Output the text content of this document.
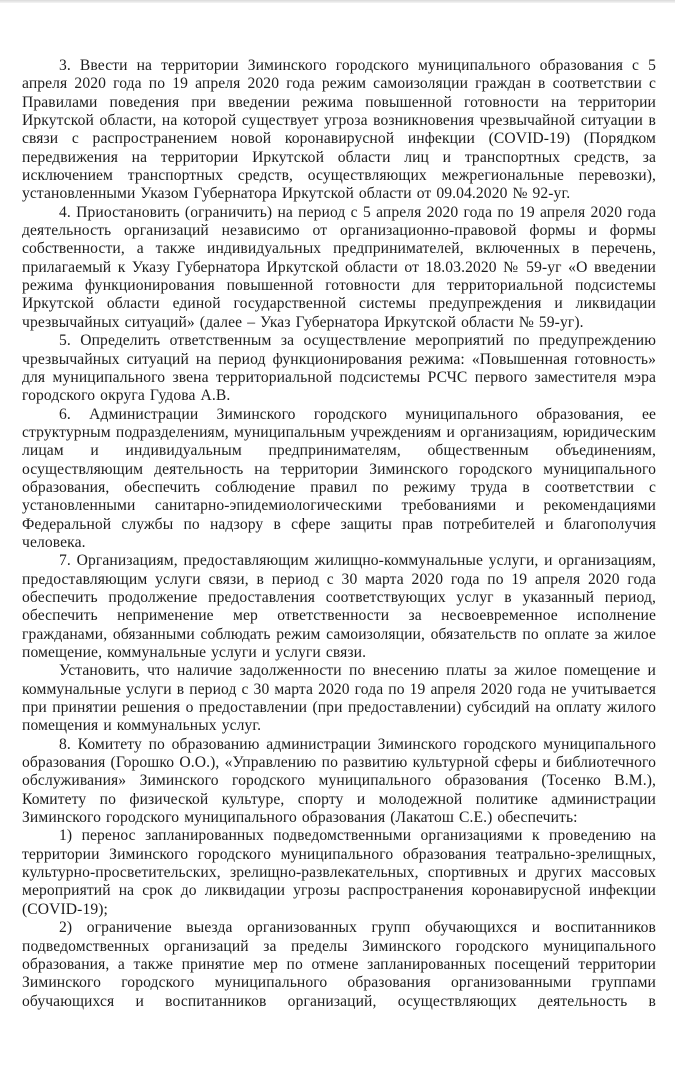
3. Ввести на территории Зиминского городского муниципального образования с 5 апреля 2020 года по 19 апреля 2020 года режим самоизоляции граждан в соответствии с Правилами поведения при введении режима повышенной готовности на территории Иркутской области, на которой существует угроза возникновения чрезвычайной ситуации в связи с распространением новой коронавирусной инфекции (COVID-19) (Порядком передвижения на территории Иркутской области лиц и транспортных средств, за исключением транспортных средств, осуществляющих межрегиональные перевозки), установленными Указом Губернатора Иркутской области от 09.04.2020 № 92-уг.

4. Приостановить (ограничить) на период с 5 апреля 2020 года по 19 апреля 2020 года деятельность организаций независимо от организационно-правовой формы и формы собственности, а также индивидуальных предпринимателей, включенных в перечень, прилагаемый к Указу Губернатора Иркутской области от 18.03.2020 № 59-уг «О введении режима функционирования повышенной готовности для территориальной подсистемы Иркутской области единой государственной системы предупреждения и ликвидации чрезвычайных ситуаций» (далее – Указ Губернатора Иркутской области № 59-уг).

5. Определить ответственным за осуществление мероприятий по предупреждению чрезвычайных ситуаций на период функционирования режима: «Повышенная готовность» для муниципального звена территориальной подсистемы РСЧС первого заместителя мэра городского округа Гудова А.В.

6. Администрации Зиминского городского муниципального образования, ее структурным подразделениям, муниципальным учреждениям и организациям, юридическим лицам и индивидуальным предпринимателям, общественным объединениям, осуществляющим деятельность на территории Зиминского городского муниципального образования, обеспечить соблюдение правил по режиму труда в соответствии с установленными санитарно-эпидемиологическими требованиями и рекомендациями Федеральной службы по надзору в сфере защиты прав потребителей и благополучия человека.

7. Организациям, предоставляющим жилищно-коммунальные услуги, и организациям, предоставляющим услуги связи, в период с 30 марта 2020 года по 19 апреля 2020 года обеспечить продолжение предоставления соответствующих услуг в указанный период, обеспечить неприменение мер ответственности за несвоевременное исполнение гражданами, обязанными соблюдать режим самоизоляции, обязательств по оплате за жилое помещение, коммунальные услуги и услуги связи.

Установить, что наличие задолженности по внесению платы за жилое помещение и коммунальные услуги в период с 30 марта 2020 года по 19 апреля 2020 года не учитывается при принятии решения о предоставлении (при предоставлении) субсидий на оплату жилого помещения и коммунальных услуг.

8. Комитету по образованию администрации Зиминского городского муниципального образования (Горошко О.О.), «Управлению по развитию культурной сферы и библиотечного обслуживания» Зиминского городского муниципального образования (Тосенко В.М.), Комитету по физической культуре, спорту и молодежной политике администрации Зиминского городского муниципального образования (Лакатош С.Е.) обеспечить:

1) перенос запланированных подведомственными организациями к проведению на территории Зиминского городского муниципального образования театрально-зрелищных, культурно-просветительских, зрелищно-развлекательных, спортивных и других массовых мероприятий на срок до ликвидации угрозы распространения коронавирусной инфекции (COVID-19);

2) ограничение выезда организованных групп обучающихся и воспитанников подведомственных организаций за пределы Зиминского городского муниципального образования, а также принятие мер по отмене запланированных посещений территории Зиминского городского муниципального образования организованными группами обучающихся и воспитанников организаций, осуществляющих деятельность в
